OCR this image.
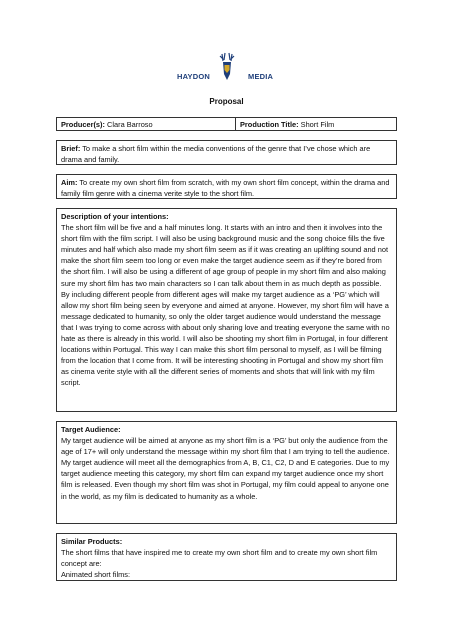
HAYDON	MEDIA
Proposal
Producer(s): Clara Barroso	Production Title: Short Film

Brief: To make a short film within the media conventions of the genre that I’ve chose which are drama and family.

Aim: To create my own short film from scratch, with my own short film concept, within the drama and family film genre with a cinema verite style to the short film.

Description of your intentions:

The short film will be five and a half minutes long. It starts with an intro and then it involves into the short film with the film script. I will also be using background music and the song choice fills the five minutes and half which also made my short film seem as if it was creating an uplifting sound and not make the short film seem too long or even make the target audience seem as if they’re bored from the short film. I will also be using a different of age group of people in my short film and also making sure my short film has two main characters so I can talk about them in as much depth as possible. By including different people from different ages will make my target audience as a ‘PG’ which will allow my short film being seen by everyone and aimed at anyone. However, my short film will have a message dedicated to humanity, so only the older target audience would understand the message that I was trying to come across with about only sharing love and treating everyone the same with no hate as there is already in this world. I will also be shooting my short film in Portugal, in four different locations within Portugal. This way I can make this short film personal to myself, as I will be filming from the location that I come from. It will be interesting shooting in Portugal and show my short film as cinema verite style with all the different series of moments and shots that will link with my film script.

Target Audience:

My target audience will be aimed at anyone as my short film is a ‘PG’ but only the audience from the age of 17+ will only understand the message within my short film that I am trying to tell the audience. My target audience will meet all the demographics from A, B, C1, C2, D and E categories. Due to my target audience meeting this category, my short film can expand my target audience once my short film is released. Even though my short film was shot in Portugal, my film could appeal to anyone one in the world, as my film is dedicated to humanity as a whole.

Similar Products:

The short films that have inspired me to create my own short film and to create my own short film concept are:

Animated short films:
